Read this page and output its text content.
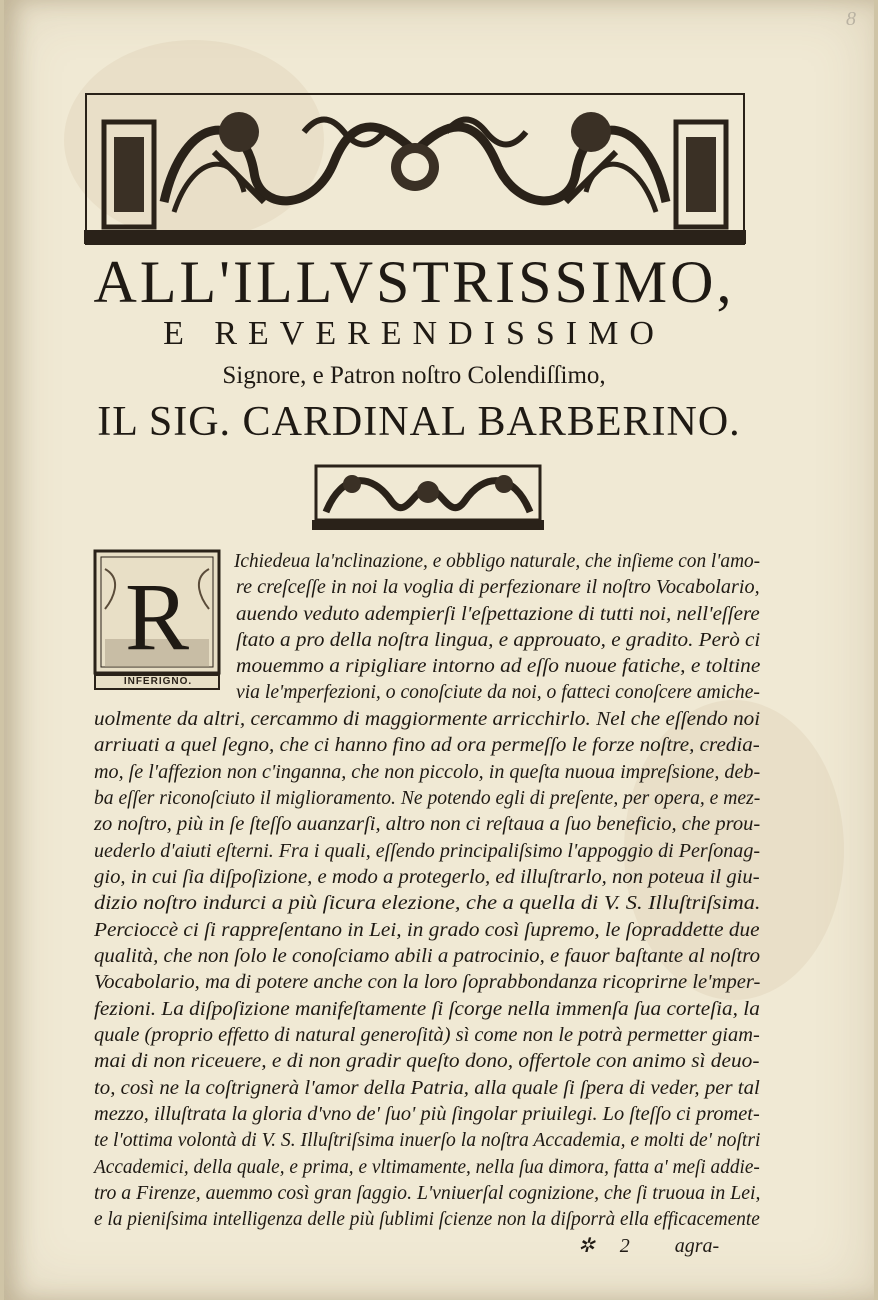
8
ALL'ILLVSTRISSIMO,
E REVERENDISSIMO
Signore, e Patron noſtro Colendiſſimo,
IL SIG. CARDINAL BARBERINO.
R
INFERIGNO.
Ichiedeua la'nclinazione, e obbligo naturale, che inſieme con l'amo-
re creſceſſe in noi la voglia di perfezionare il noſtro Vocabolario,
auendo veduto adempierſi l'eſpettazione di tutti noi, nell'eſſere
ſtato a pro della noſtra lingua, e approuato, e gradito. Però ci
mouemmo a ripigliare intorno ad eſſo nuoue fatiche, e toltine
via le'mperfezioni, o conoſciute da noi, o fatteci conoſcere amiche-
uolmente da altri, cercammo di maggiormente arricchirlo. Nel che eſſendo noi
arriuati a quel ſegno, che ci hanno fino ad ora permeſſo le forze noſtre, credia-
mo, ſe l'affezion non c'inganna, che non piccolo, in queſta nuoua impreſsione, deb-
ba eſſer riconoſciuto il miglioramento. Ne potendo egli di preſente, per opera, e mez-
zo noſtro, più in ſe ſteſſo auanzarſi, altro non ci reſtaua a ſuo beneficio, che prou-
uederlo d'aiuti eſterni. Fra i quali, eſſendo principaliſsimo l'appoggio di Perſonag-
gio, in cui ſia diſpoſizione, e modo a protegerlo, ed illuſtrarlo, non poteua il giu-
dizio noſtro indurci a più ſicura elezione, che a quella di V. S. Illuſtriſsima.
Percioccè ci ſi rappreſentano in Lei, in grado così ſupremo, le ſopraddette due
qualità, che non ſolo le conoſciamo abili a patrocinio, e fauor baſtante al noſtro
Vocabolario, ma di potere anche con la loro ſoprabbondanza ricoprirne le'mper-
fezioni. La diſpoſizione manifeſtamente ſi ſcorge nella immenſa ſua corteſia, la
quale (proprio effetto di natural generoſità) sì come non le potrà permetter giam-
mai di non riceuere, e di non gradir queſto dono, offertole con animo sì deuo-
to, così ne la coſtrignerà l'amor della Patria, alla quale ſi ſpera di veder, per tal
mezzo, illuſtrata la gloria d'vno de' ſuo' più ſingolar priuilegi. Lo ſteſſo ci promet-
te l'ottima volontà di V. S. Illuſtriſsima inuerſo la noſtra Accademia, e molti de' noſtri
Accademici, della quale, e prima, e vltimamente, nella ſua dimora, fatta a' meſi addie-
tro a Firenze, auemmo così gran ſaggio. L'vniuerſal cognizione, che ſi truoua in Lei,
e la pieniſsima intelligenza delle più ſublimi ſcienze non la diſporrà ella efficacemente
✲ 2 agra-
